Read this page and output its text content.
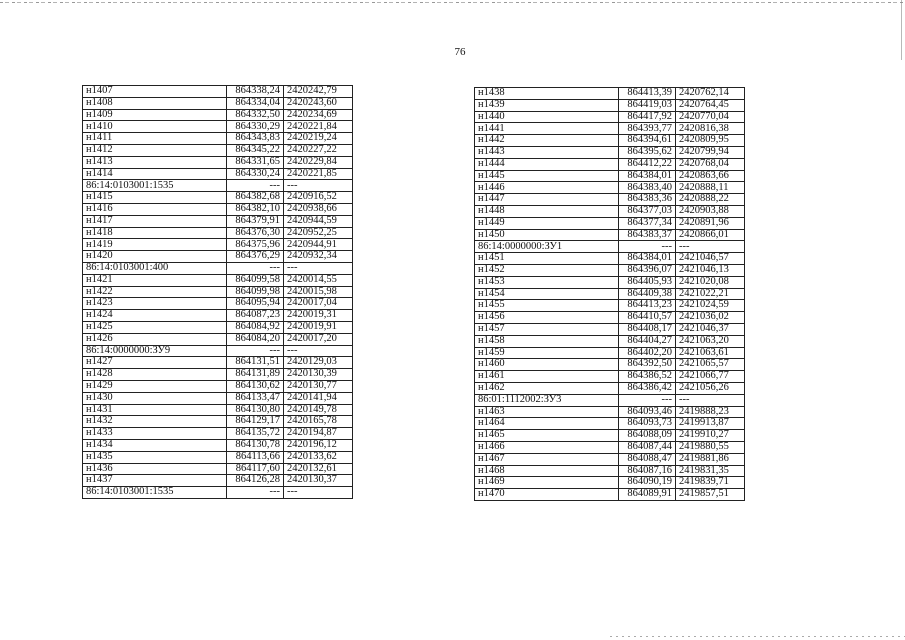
76
н1407	864338,24	2420242,79
н1408	864334,04	2420243,60
н1409	864332,50	2420234,69
н1410	864330,29	2420221,84
н1411	864343,83	2420219,24
н1412	864345,22	2420227,22
н1413	864331,65	2420229,84
н1414	864330,24	2420221,85
86:14:0103001:1535	---	---
н1415	864382,68	2420916,52
н1416	864382,10	2420938,66
н1417	864379,91	2420944,59
н1418	864376,30	2420952,25
н1419	864375,96	2420944,91
н1420	864376,29	2420932,34
86:14:0103001:400	---	---
н1421	864099,58	2420014,55
н1422	864099,98	2420015,98
н1423	864095,94	2420017,04
н1424	864087,23	2420019,31
н1425	864084,92	2420019,91
н1426	864084,20	2420017,20
86:14:0000000:ЗУ9	---	---
н1427	864131,51	2420129,03
н1428	864131,89	2420130,39
н1429	864130,62	2420130,77
н1430	864133,47	2420141,94
н1431	864130,80	2420149,78
н1432	864129,17	2420165,78
н1433	864135,72	2420194,87
н1434	864130,78	2420196,12
н1435	864113,66	2420133,62
н1436	864117,60	2420132,61
н1437	864126,28	2420130,37
86:14:0103001:1535	---	---
н1438	864413,39	2420762,14
н1439	864419,03	2420764,45
н1440	864417,92	2420770,04
н1441	864393,77	2420816,38
н1442	864394,61	2420809,95
н1443	864395,62	2420799,94
н1444	864412,22	2420768,04
н1445	864384,01	2420863,66
н1446	864383,40	2420888,11
н1447	864383,36	2420888,22
н1448	864377,03	2420903,88
н1449	864377,34	2420891,96
н1450	864383,37	2420866,01
86:14:0000000:ЗУ1	---	---
н1451	864384,01	2421046,57
н1452	864396,07	2421046,13
н1453	864405,93	2421020,08
н1454	864409,38	2421022,21
н1455	864413,23	2421024,59
н1456	864410,57	2421036,02
н1457	864408,17	2421046,37
н1458	864404,27	2421063,20
н1459	864402,20	2421063,61
н1460	864392,50	2421065,57
н1461	864386,52	2421066,77
н1462	864386,42	2421056,26
86:01:1112002:ЗУ3	---	---
н1463	864093,46	2419888,23
н1464	864093,73	2419913,87
н1465	864088,09	2419910,27
н1466	864087,44	2419880,55
н1467	864088,47	2419881,86
н1468	864087,16	2419831,35
н1469	864090,19	2419839,71
н1470	864089,91	2419857,51
